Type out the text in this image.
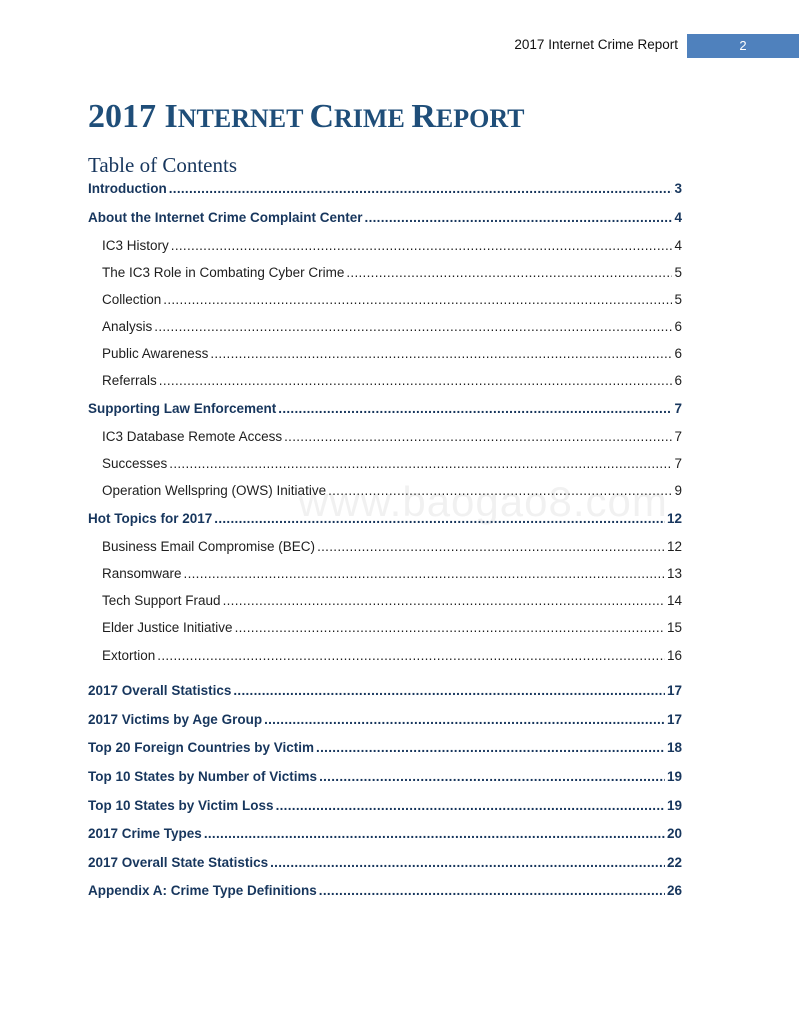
2017 Internet Crime Report	2
2017 INTERNET CRIME REPORT
Table of Contents
Introduction .....	3
About the Internet Crime Complaint Center .....	4
IC3 History .....	4
The IC3 Role in Combating Cyber Crime .....	5
Collection .....	5
Analysis .....	6
Public Awareness .....	6
Referrals .....	6
Supporting Law Enforcement .....	7
IC3 Database Remote Access .....	7
Successes .....	7
Operation Wellspring (OWS) Initiative .....	9
Hot Topics for 2017 .....	12
Business Email Compromise (BEC) .....	12
Ransomware .....	13
Tech Support Fraud .....	14
Elder Justice Initiative .....	15
Extortion .....	16
2017 Overall Statistics .....	17
2017 Victims by Age Group .....	17
Top 20 Foreign Countries by Victim .....	18
Top 10 States by Number of Victims .....	19
Top 10 States by Victim Loss .....	19
2017 Crime Types .....	20
2017 Overall State Statistics .....	22
Appendix A: Crime Type Definitions .....	26
www.baogao8.com
